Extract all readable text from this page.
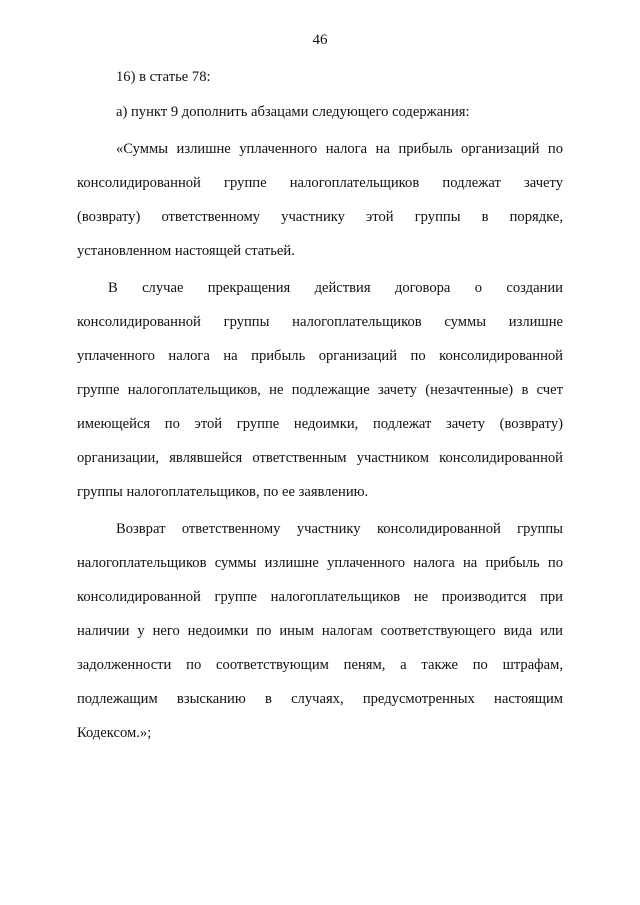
46
16) в статье 78:
а) пункт 9 дополнить абзацами следующего содержания:
«Суммы излишне уплаченного налога на прибыль организаций по
консолидированной группе налогоплательщиков подлежат зачету
(возврату) ответственному участнику этой группы в порядке,
установленном настоящей статьей.
В случае прекращения действия договора о создании
консолидированной группы налогоплательщиков суммы излишне
уплаченного налога на прибыль организаций по консолидированной
группе налогоплательщиков, не подлежащие зачету (незачтенные) в счет
имеющейся по этой группе недоимки, подлежат зачету (возврату)
организации, являвшейся ответственным участником консолидированной
группы налогоплательщиков, по ее заявлению.
Возврат ответственному участнику консолидированной группы
налогоплательщиков суммы излишне уплаченного налога на прибыль по
консолидированной группе налогоплательщиков не производится при
наличии у него недоимки по иным налогам соответствующего вида или
задолженности по соответствующим пеням, а также по штрафам,
подлежащим взысканию в случаях, предусмотренных настоящим
Кодексом.»;
